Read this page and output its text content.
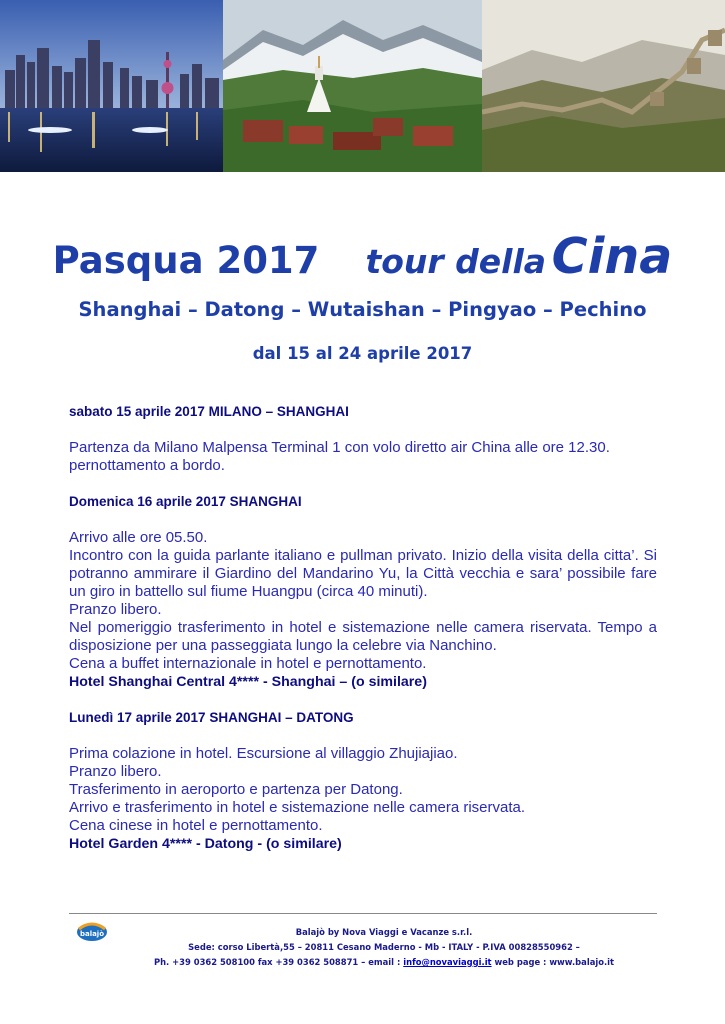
Pasqua 2017 tour della Cina
Shanghai – Datong – Wutaishan – Pingyao – Pechino
dal 15 al 24 aprile 2017

sabato 15 aprile 2017 MILANO – SHANGHAI

Partenza da Milano Malpensa Terminal 1 con volo diretto air China alle ore 12.30.

pernottamento a bordo.

Domenica 16 aprile 2017 SHANGHAI

Arrivo alle ore 05.50.

Incontro con la guida parlante italiano e pullman privato. Inizio della visita della citta’. Si potranno ammirare il Giardino del Mandarino Yu, la Città vecchia e sara’ possibile fare un giro in battello sul fiume Huangpu (circa 40 minuti).

Pranzo libero.

Nel pomeriggio trasferimento in hotel e sistemazione nelle camera riservata. Tempo a disposizione per una passeggiata lungo la celebre via Nanchino.

Cena a buffet internazionale in hotel e pernottamento.

Hotel Shanghai Central 4**** - Shanghai – (o similare)

Lunedì 17 aprile 2017 SHANGHAI – DATONG

Prima colazione in hotel. Escursione al villaggio Zhujiajiao.

Pranzo libero.

Trasferimento in aeroporto e partenza per Datong.

Arrivo e trasferimento in hotel e sistemazione nelle camera riservata.

Cena cinese in hotel e pernottamento.

Hotel Garden 4**** - Datong - (o similare)

balajò	Balajò by Nova Viaggi e Vacanze s.r.l.
Sede: corso Libertà,55 – 20811 Cesano Maderno - Mb - ITALY - P.IVA 00828550962 –
Ph. +39 0362 508100 fax +39 0362 508871 – email : info@novaviaggi.it web page : www.balajo.it
